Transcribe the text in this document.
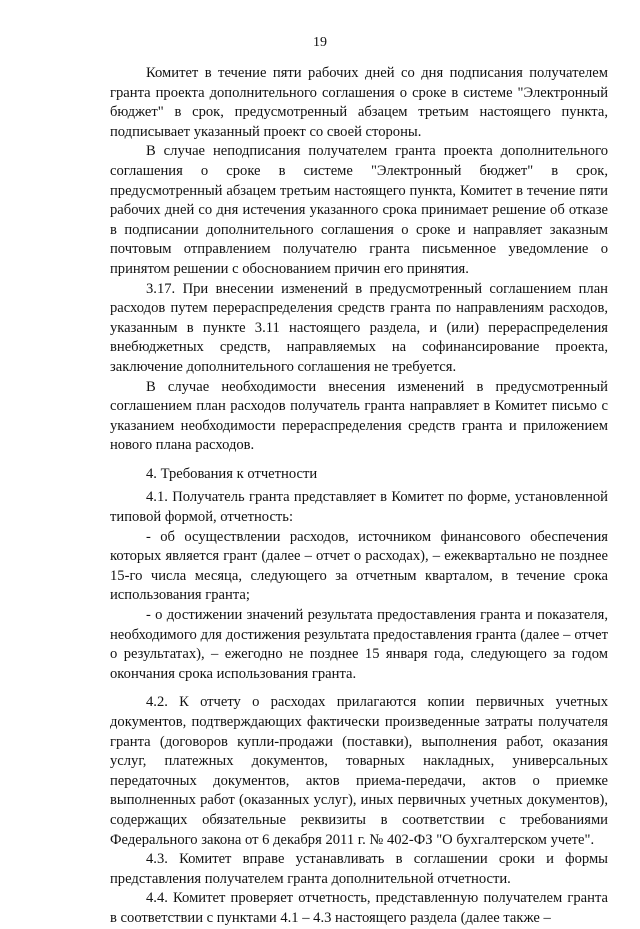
19

Комитет в течение пяти рабочих дней со дня подписания получателем гранта проекта дополнительного соглашения о сроке в системе "Электронный бюджет" в срок, предусмотренный абзацем третьим настоящего пункта, подписывает указанный проект со своей стороны.

В случае неподписания получателем гранта проекта дополнительного соглашения о сроке в системе "Электронный бюджет" в срок, предусмотренный абзацем третьим настоящего пункта, Комитет в течение пяти рабочих дней со дня истечения указанного срока принимает решение об отказе в подписании дополнительного соглашения о сроке и направляет заказным почтовым отправлением получателю гранта письменное уведомление о принятом решении с обоснованием причин его принятия.

3.17. При внесении изменений в предусмотренный соглашением план расходов путем перераспределения средств гранта по направлениям расходов, указанным в пункте 3.11 настоящего раздела, и (или) перераспределения внебюджетных средств, направляемых на софинансирование проекта, заключение дополнительного соглашения не требуется.

В случае необходимости внесения изменений в предусмотренный соглашением план расходов получатель гранта направляет в Комитет письмо с указанием необходимости перераспределения средств гранта и приложением нового плана расходов.

4. Требования к отчетности

4.1. Получатель гранта представляет в Комитет по форме, установленной типовой формой, отчетность:

- об осуществлении расходов, источником финансового обеспечения которых является грант (далее – отчет о расходах), – ежеквартально не позднее 15-го числа месяца, следующего за отчетным кварталом, в течение срока использования гранта;

- о достижении значений результата предоставления гранта и показателя, необходимого для достижения результата предоставления гранта (далее – отчет о результатах), – ежегодно не позднее 15 января года, следующего за годом окончания срока использования гранта.

4.2. К отчету о расходах прилагаются копии первичных учетных документов, подтверждающих фактически произведенные затраты получателя гранта (договоров купли-продажи (поставки), выполнения работ, оказания услуг, платежных документов, товарных накладных, универсальных передаточных документов, актов приема-передачи, актов о приемке выполненных работ (оказанных услуг), иных первичных учетных документов), содержащих обязательные реквизиты в соответствии с требованиями Федерального закона от 6 декабря 2011 г. № 402-ФЗ "О бухгалтерском учете".

4.3. Комитет вправе устанавливать в соглашении сроки и формы представления получателем гранта дополнительной отчетности.

4.4. Комитет проверяет отчетность, представленную получателем гранта в соответствии с пунктами 4.1 – 4.3 настоящего раздела (далее также –
